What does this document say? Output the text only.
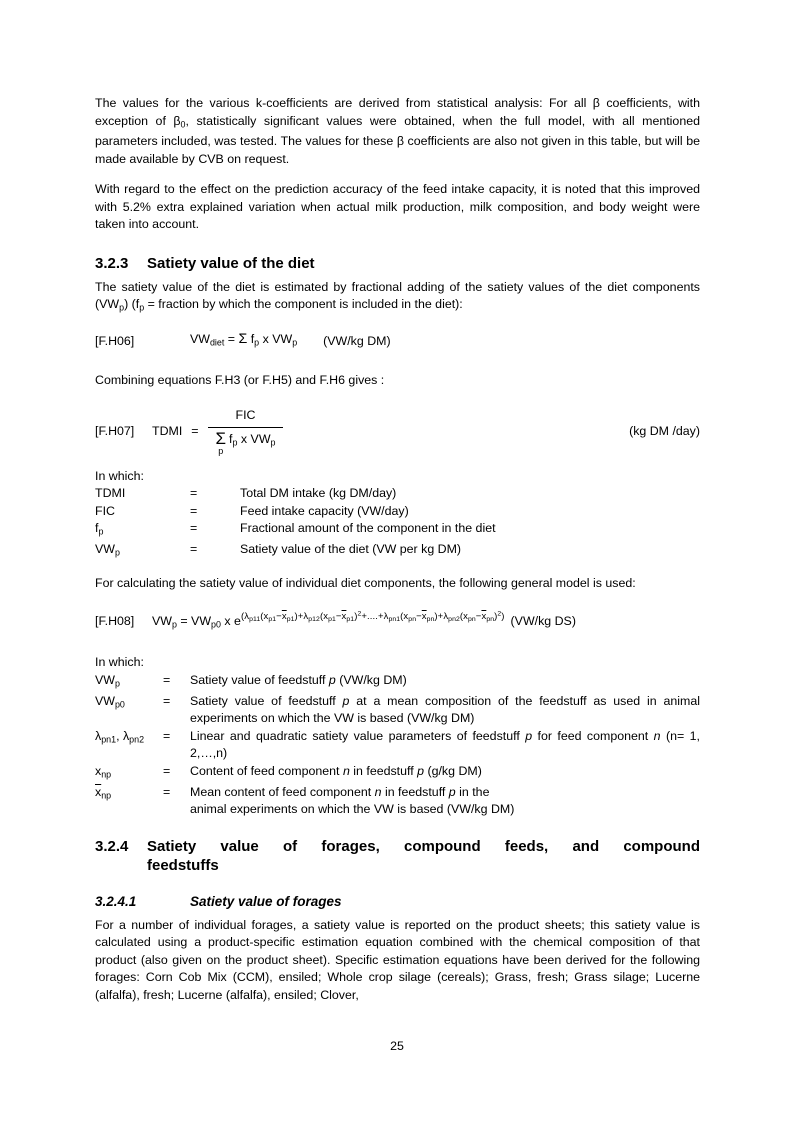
The values for the various k-coefficients are derived from statistical analysis: For all β coefficients, with exception of $\beta_0$, statistically significant values were obtained, when the full model, with all mentioned parameters included, was tested. The values for these β coefficients are also not given in this table, but will be made available by CVB on request.

With regard to the effect on the prediction accuracy of the feed intake capacity, it is noted that this improved with 5.2% extra explained variation when actual milk production, milk composition, and body weight were taken into account.

3.2.3	Satiety value of the diet

The satiety value of the diet is estimated by fractional adding of the satiety values of the diet components $(VW_p) (f_p$ = fraction by which the component is included in the diet):

[F.H06]	$VW_{diet} = \Sigma$ $f_p$ x $VW_p$ (VW/kg DM)

Combining equations F.H3 (or F.H5) and F.H6 gives :

[F.H07]	TDMI = FIC
Σ
p
$f_p$ x $VW_p$	(kg DM /day)
In which:
TDMI	=	Total DM intake (kg DM/day)
FIC	=	Feed intake capacity (VW/day)
$f_p$	=	Fractional amount of the component in the diet
$VW_p$	=	Satiety value of the diet (VW per kg DM)

For calculating the satiety value of individual diet components, the following general model is used:

[F.H08]	$VW_p = VW_{p0}$ x $e^{(\lambda_{p11}(x_{p1}-\overline{x}_{p1})+\lambda_{p12}(x_{p1}-\overline{x}_{p1})^2+....+\lambda_{pn1}(x_{pn}-\overline{x}_{pn})+\lambda_{pn2}(x_{pn}-\overline{x}_{pn})^2)}$ (VW/kg DS)
In which:
$VW_p$	=	Satiety value of feedstuff p (VW/kg DM)
$VW_{p0}$	=	Satiety value of feedstuff p at a mean composition of the feedstuff as used in animal experiments on which the VW is based (VW/kg DM)
$\lambda_{pn1}$, $\lambda_{pn2}$	=	Linear and quadratic satiety value parameters of feedstuff p for feed component n (n= 1, 2,…,n)
$x_{np}$	=	Content of feed component n in feedstuff p (g/kg DM)
$\overline{x}_{np}$	=	Mean content of feed component n in feedstuff p in the
animal experiments on which the VW is based (VW/kg DM)
3.2.4	Satiety value of forages, compound feeds, and compound
feedstuffs
3.2.4.1	Satiety value of forages

For a number of individual forages, a satiety value is reported on the product sheets; this satiety value is calculated using a product-specific estimation equation combined with the chemical composition of that product (also given on the product sheet). Specific estimation equations have been derived for the following forages: Corn Cob Mix (CCM), ensiled; Whole crop silage (cereals); Grass, fresh; Grass silage; Lucerne (alfalfa), fresh; Lucerne (alfalfa), ensiled; Clover,

25
